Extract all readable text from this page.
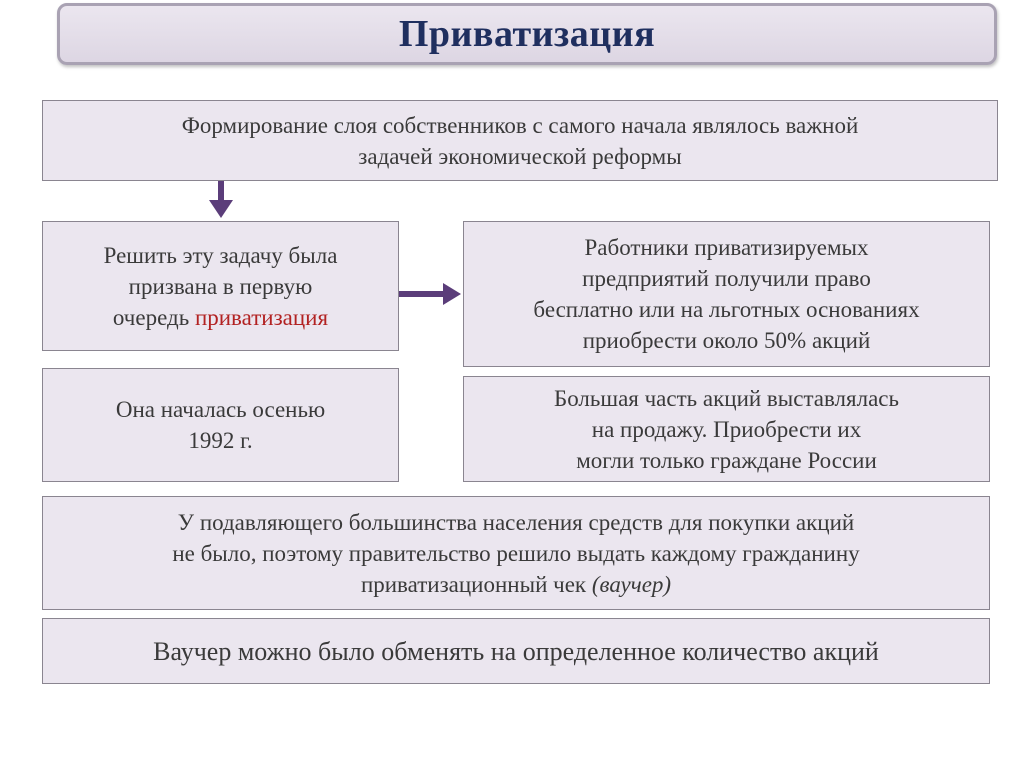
Приватизация
Формирование слоя собственников с самого начала являлось важной
задачей экономической реформы
Решить эту задачу была
призвана в первую
очередь приватизация
Работники приватизируемых
предприятий получили право
бесплатно или на льготных основаниях
приобрести около 50% акций
Она началась осенью
1992 г.
Большая часть акций выставлялась
на продажу. Приобрести их
могли только граждане России
У подавляющего большинства населения средств для покупки акций
не было, поэтому правительство решило выдать каждому гражданину
приватизационный чек (ваучер)
Ваучер можно было обменять на определенное количество акций
